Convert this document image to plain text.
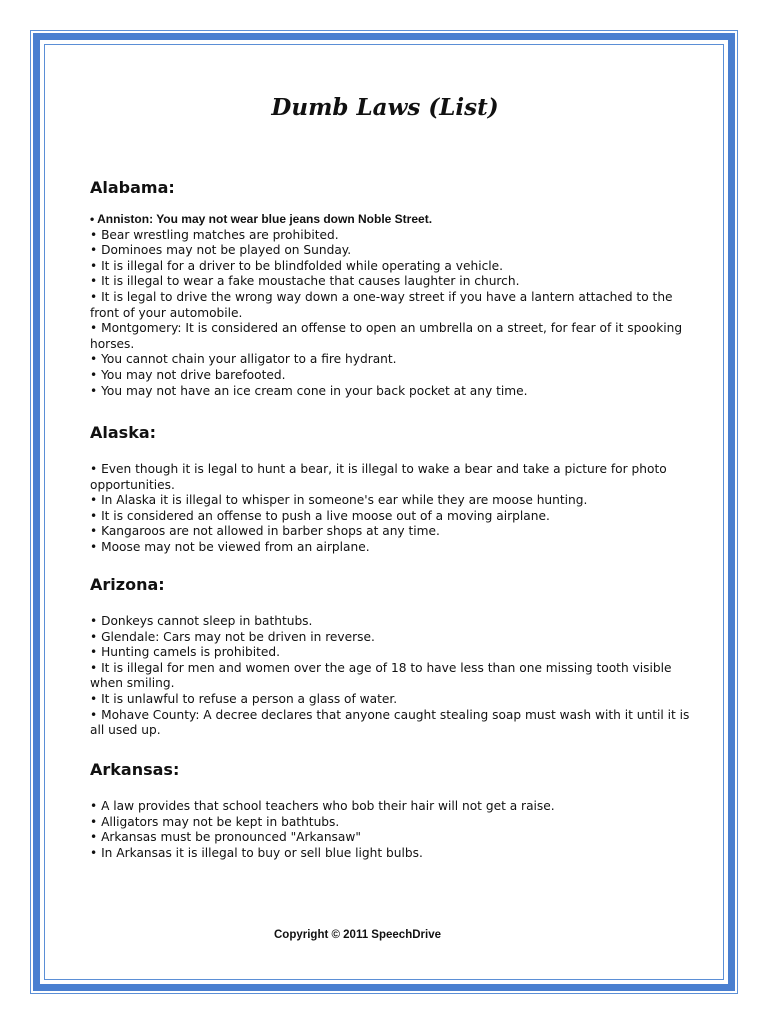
Dumb Laws (List)
Alabama:
• Anniston: You may not wear blue jeans down Noble Street.
• Bear wrestling matches are prohibited.
• Dominoes may not be played on Sunday.
• It is illegal for a driver to be blindfolded while operating a vehicle.
• It is illegal to wear a fake moustache that causes laughter in church.
• It is legal to drive the wrong way down a one-way street if you have a lantern attached to the front of your automobile.
• Montgomery: It is considered an offense to open an umbrella on a street, for fear of it spooking horses.
• You cannot chain your alligator to a fire hydrant.
• You may not drive barefooted.
• You may not have an ice cream cone in your back pocket at any time.
Alaska:
• Even though it is legal to hunt a bear, it is illegal to wake a bear and take a picture for photo opportunities.
• In Alaska it is illegal to whisper in someone's ear while they are moose hunting.
• It is considered an offense to push a live moose out of a moving airplane.
• Kangaroos are not allowed in barber shops at any time.
• Moose may not be viewed from an airplane.
Arizona:
• Donkeys cannot sleep in bathtubs.
• Glendale: Cars may not be driven in reverse.
• Hunting camels is prohibited.
• It is illegal for men and women over the age of 18 to have less than one missing tooth visible when smiling.
• It is unlawful to refuse a person a glass of water.
• Mohave County: A decree declares that anyone caught stealing soap must wash with it until it is all used up.
Arkansas:
• A law provides that school teachers who bob their hair will not get a raise.
• Alligators may not be kept in bathtubs.
• Arkansas must be pronounced "Arkansaw"
• In Arkansas it is illegal to buy or sell blue light bulbs.
Copyright © 2011 SpeechDrive
